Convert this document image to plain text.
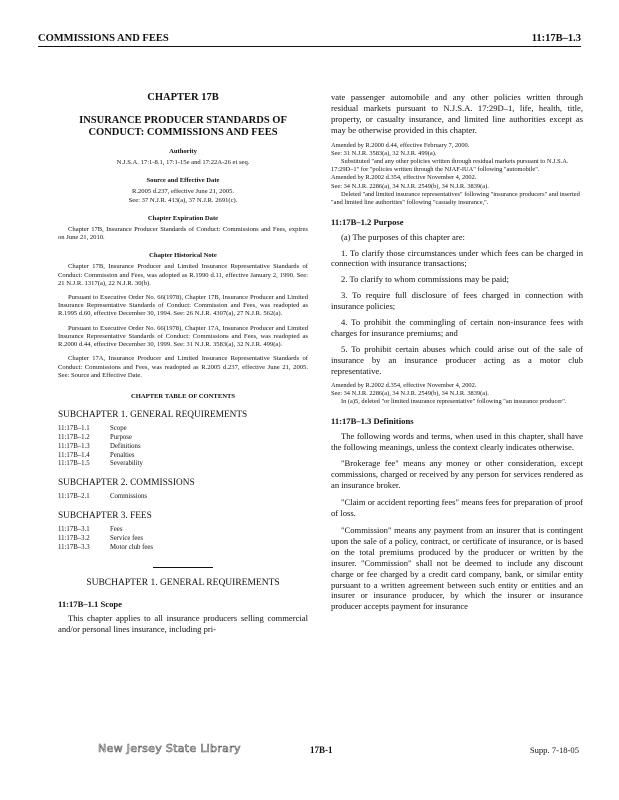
COMMISSIONS AND FEES	11:17B–1.3
CHAPTER 17B
INSURANCE PRODUCER STANDARDS OF CONDUCT: COMMISSIONS AND FEES
Authority
N.J.S.A. 17:1-8.1, 17:1-15e and 17:22A-26 et seq.
Source and Effective Date
R.2005 d.237, effective June 21, 2005.
See: 37 N.J.R. 413(a), 37 N.J.R. 2691(c).
Chapter Expiration Date

Chapter 17B, Insurance Producer Standards of Conduct: Commissions and Fees, expires on June 21, 2010.

Chapter Historical Note

Chapter 17B, Insurance Producer and Limited Insurance Representative Standards of Conduct: Commission and Fees, was adopted as R.1990 d.11, effective January 2, 1990. See: 21 N.J.R. 1317(a), 22 N.J.R. 30(b).

Pursuant to Executive Order No. 66(1978), Chapter 17B, Insurance Producer and Limited Insurance Representative Standards of Conduct: Commission and Fees, was readopted as R.1995 d.60, effective December 30, 1994. See: 26 N.J.R. 4307(a), 27 N.J.R. 562(a).

Pursuant to Executive Order No. 66(1978), Chapter 17A, Insurance Producer and Limited Insurance Representative Standards of Conduct: Commissions and Fees, was readopted as R.2000 d.44, effective December 30, 1999. See: 31 N.J.R. 3583(a), 32 N.J.R. 499(a).

Chapter 17A, Insurance Producer and Limited Insurance Representative Standards of Conduct: Commissions and Fees, was readopted as R.2005 d.237, effective June 21, 2005. See: Source and Effective Date.

CHAPTER TABLE OF CONTENTS
SUBCHAPTER 1. GENERAL REQUIREMENTS
11:17B–1.1	Scope
11:17B–1.2	Purpose
11:17B–1.3	Definitions
11:17B–1.4	Penalties
11:17B–1.5	Severability
SUBCHAPTER 2. COMMISSIONS
11:17B–2.1	Commissions
SUBCHAPTER 3. FEES
11:17B–3.1	Fees
11:17B–3.2	Service fees
11:17B–3.3	Motor club fees
SUBCHAPTER 1. GENERAL REQUIREMENTS
11:17B–1.1 Scope

This chapter applies to all insurance producers selling commercial and/or personal lines insurance, including pri-

vate passenger automobile and any other policies written through residual markets pursuant to N.J.S.A. 17:29D–1, life, health, title, property, or casualty insurance, and limited line authorities except as may be otherwise provided in this chapter.

Amended by R.2000 d.44, effective February 7, 2000.

See: 31 N.J.R. 3583(a), 32 N.J.R. 499(a).

Substituted "and any other policies written through residual markets pursuant to N.J.S.A. 17:29D–1" for "policies written through the NJAF-IUA" following "automobile".

Amended by R.2002 d.354, effective November 4, 2002.

See: 34 N.J.R. 2286(a), 34 N.J.R. 2549(b), 34 N.J.R. 3839(a).

Deleted "and limited insurance representatives" following "insurance producers" and inserted "and limited line authorities" following "casualty insurance,".

11:17B–1.2 Purpose

(a) The purposes of this chapter are:

1. To clarify those circumstances under which fees can be charged in connection with insurance transactions;

2. To clarify to whom commissions may be paid;

3. To require full disclosure of fees charged in connection with insurance policies;

4. To prohibit the commingling of certain non-insurance fees with charges for insurance premiums; and

5. To prohibit certain abuses which could arise out of the sale of insurance by an insurance producer acting as a motor club representative.

Amended by R.2002 d.354, effective November 4, 2002.

See: 34 N.J.R. 2286(a), 34 N.J.R. 2549(b), 34 N.J.R. 3839(a).

In (a)5, deleted "or limited insurance representative" following "an insurance producer".

11:17B–1.3 Definitions

The following words and terms, when used in this chapter, shall have the following meanings, unless the context clearly indicates otherwise.

"Brokerage fee" means any money or other consideration, except commissions, charged or received by any person for services rendered as an insurance broker.

"Claim or accident reporting fees" means fees for preparation of proof of loss.

"Commission" means any payment from an insurer that is contingent upon the sale of a policy, contract, or certificate of insurance, or is based on the total premiums produced by the producer or written by the insurer. "Commission" shall not be deemed to include any discount charge or fee charged by a credit card company, bank, or similar entity pursuant to a written agreement between such entity or entities and an insurer or insurance producer, by which the insurer or insurance producer accepts payment for insurance

New Jersey State Library	17B-1	Supp. 7-18-05
